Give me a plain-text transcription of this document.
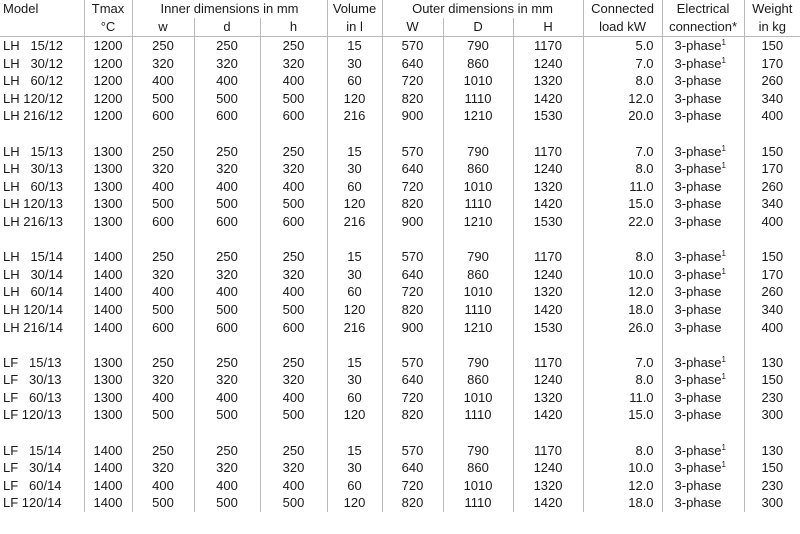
Model	Tmax	Inner dimensions in mm			Volume	Outer dimensions in mm			Connected	Electrical	Weight
	°C	w	d	h	in l	W	D	H	load kW	connection*	in kg
LH   15/12	1200	250	250	250	15	570	790	1170	5.0	3-phase$^1$	150
LH   30/12	1200	320	320	320	30	640	860	1240	7.0	3-phase$^1$	170
LH   60/12	1200	400	400	400	60	720	1010	1320	8.0	3-phase	260
LH 120/12	1200	500	500	500	120	820	1110	1420	12.0	3-phase	340
LH 216/12	1200	600	600	600	216	900	1210	1530	20.0	3-phase	400

LH   15/13	1300	250	250	250	15	570	790	1170	7.0	3-phase$^1$	150
LH   30/13	1300	320	320	320	30	640	860	1240	8.0	3-phase$^1$	170
LH   60/13	1300	400	400	400	60	720	1010	1320	11.0	3-phase	260
LH 120/13	1300	500	500	500	120	820	1110	1420	15.0	3-phase	340
LH 216/13	1300	600	600	600	216	900	1210	1530	22.0	3-phase	400

LH   15/14	1400	250	250	250	15	570	790	1170	8.0	3-phase$^1$	150
LH   30/14	1400	320	320	320	30	640	860	1240	10.0	3-phase$^1$	170
LH   60/14	1400	400	400	400	60	720	1010	1320	12.0	3-phase	260
LH 120/14	1400	500	500	500	120	820	1110	1420	18.0	3-phase	340
LH 216/14	1400	600	600	600	216	900	1210	1530	26.0	3-phase	400

LF   15/13	1300	250	250	250	15	570	790	1170	7.0	3-phase$^1$	130
LF   30/13	1300	320	320	320	30	640	860	1240	8.0	3-phase$^1$	150
LF   60/13	1300	400	400	400	60	720	1010	1320	11.0	3-phase	230
LF 120/13	1300	500	500	500	120	820	1110	1420	15.0	3-phase	300

LF   15/14	1400	250	250	250	15	570	790	1170	8.0	3-phase$^1$	130
LF   30/14	1400	320	320	320	30	640	860	1240	10.0	3-phase$^1$	150
LF   60/14	1400	400	400	400	60	720	1010	1320	12.0	3-phase	230
LF 120/14	1400	500	500	500	120	820	1110	1420	18.0	3-phase	300
